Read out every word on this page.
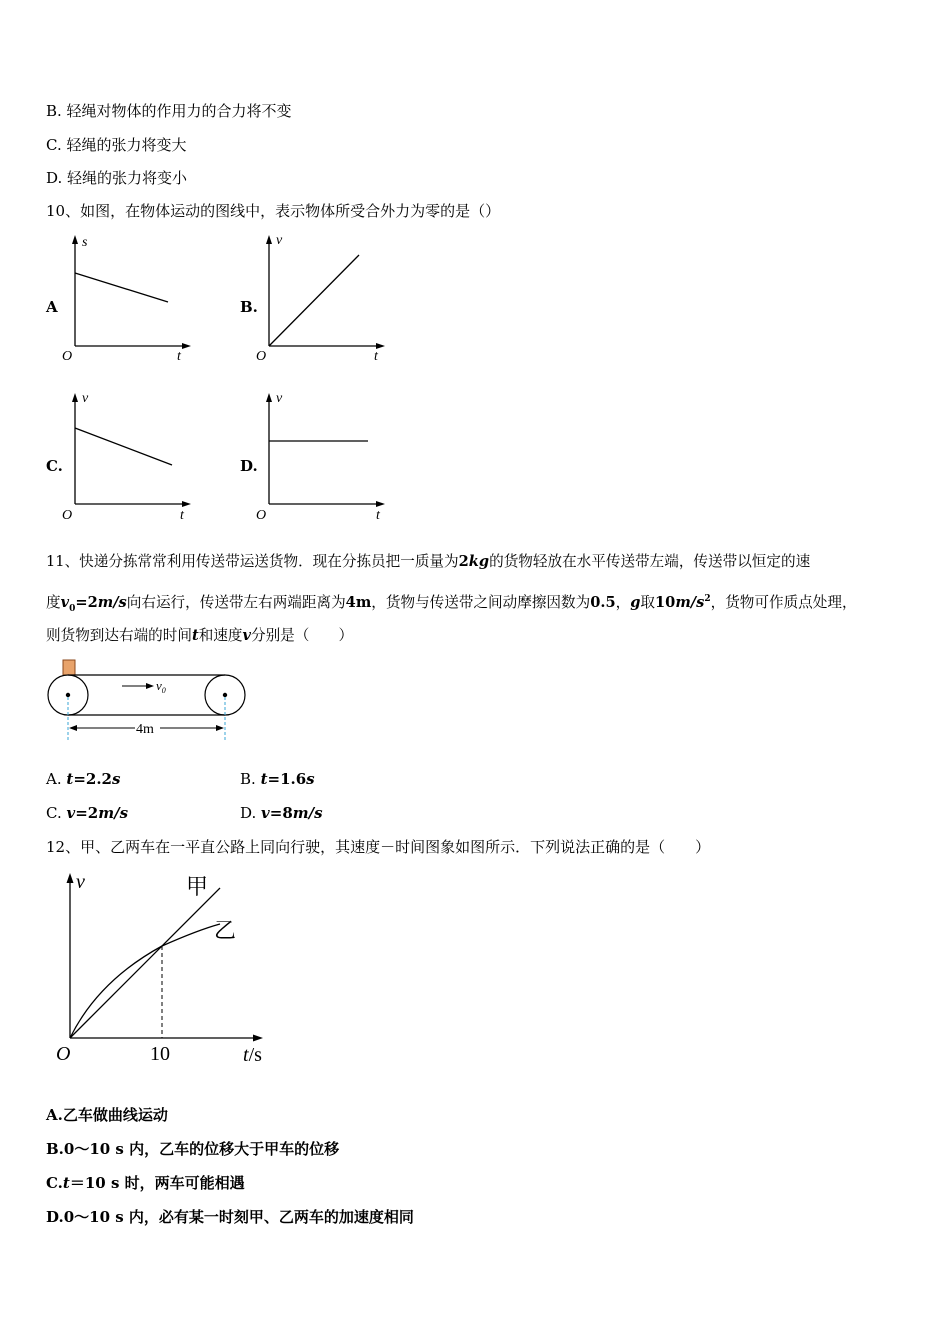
B. 轻绳对物体的作用力的合力将不变
C. 轻绳的张力将变大
D. 轻绳的张力将变小
10、如图，在物体运动的图线中，表示物体所受合外力为零的是（）
A
s
t
O
B.
v
t
O
C.
v
t
O
D.
v
t
O
11、快递分拣常常利用传送带运送货物．现在分拣员把一质量为2kg的货物轻放在水平传送带左端，传送带以恒定的速
度$v_0=2m/s$向右运行，传送带左右两端距离为4m，货物与传送带之间动摩擦因数为0.5，g取$10m/s^2$，货物可作质点处理，
则货物到达右端的时间t和速度v分别是（　　）
$v_0$
4m
A. t=2.2s	B. t=1.6s
C. v=2m/s	D. v=8m/s
12、甲、乙两车在一平直公路上同向行驶，其速度－时间图象如图所示．下列说法正确的是（　　）
v	甲
乙
O	10	t/s
A.乙车做曲线运动
B.0～10 s 内，乙车的位移大于甲车的位移
C.t＝10 s 时，两车可能相遇
D.0～10 s 内，必有某一时刻甲、乙两车的加速度相同
